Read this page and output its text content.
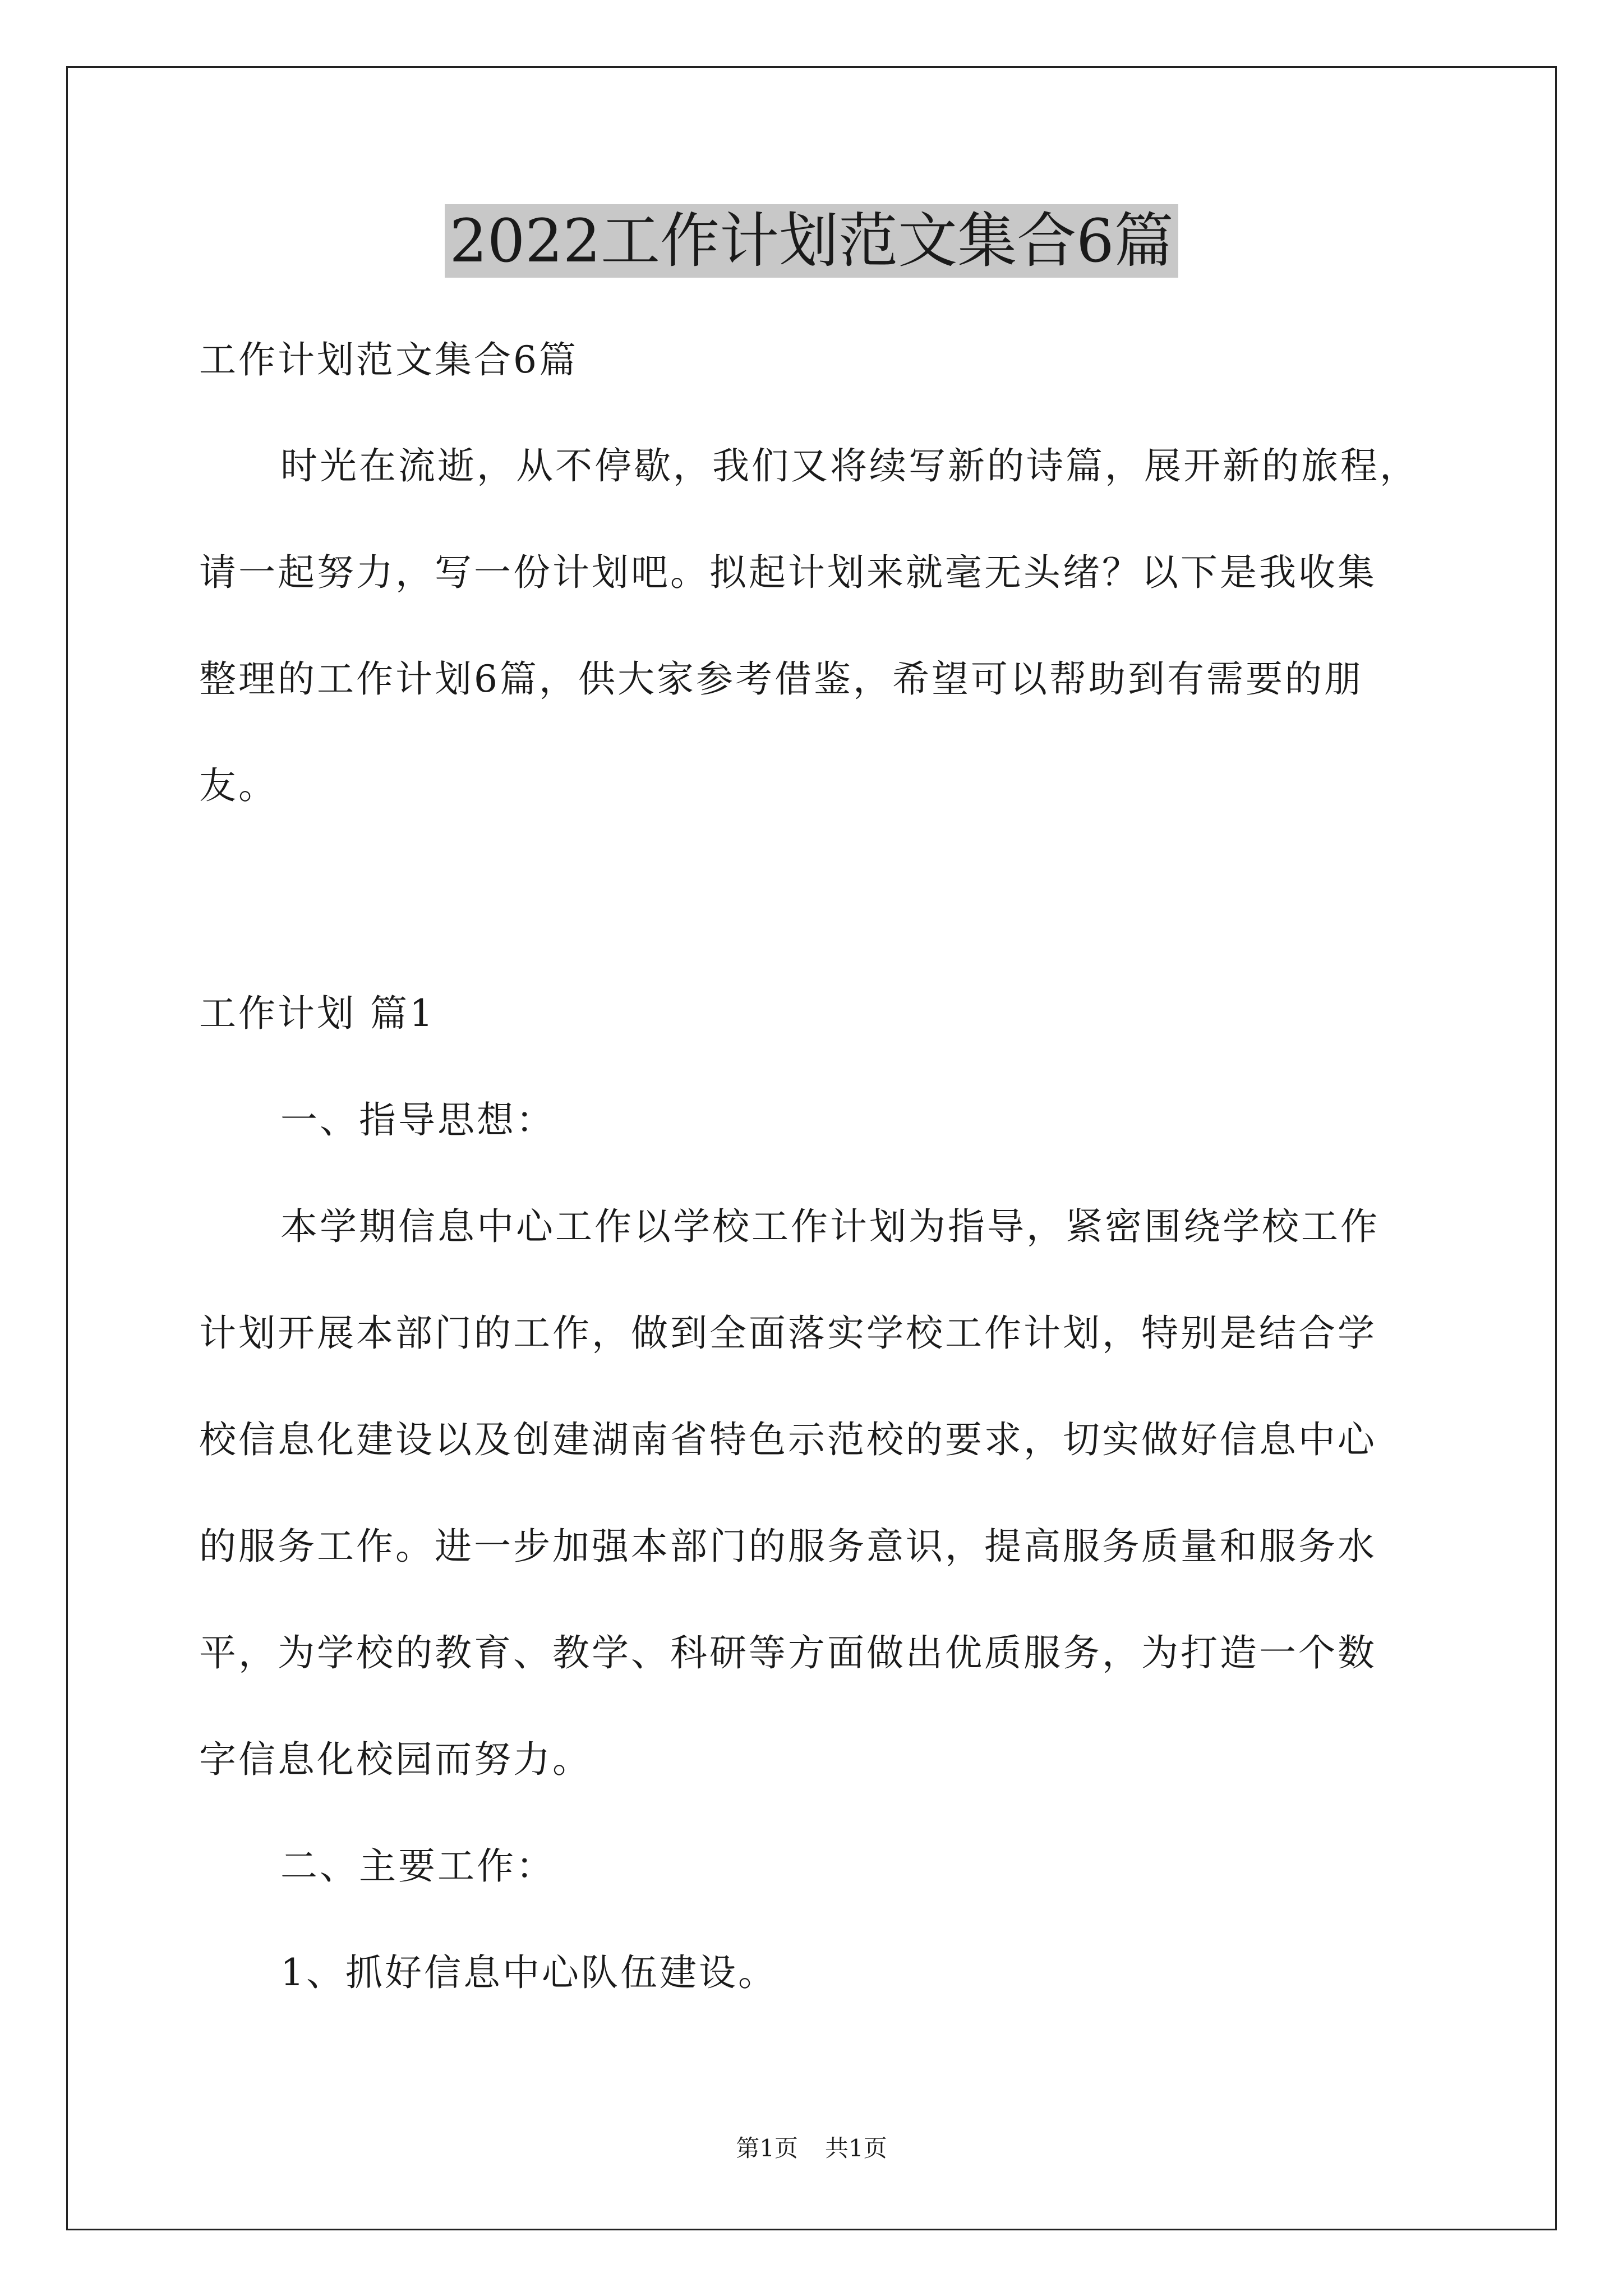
2022工作计划范文集合6篇

工作计划范文集合6篇

时光在流逝，从不停歇，我们又将续写新的诗篇，展开新的旅程，

请一起努力，写一份计划吧。拟起计划来就毫无头绪？以下是我收集

整理的工作计划6篇，供大家参考借鉴，希望可以帮助到有需要的朋

友。

工作计划 篇1

一、指导思想：

本学期信息中心工作以学校工作计划为指导，紧密围绕学校工作

计划开展本部门的工作，做到全面落实学校工作计划，特别是结合学

校信息化建设以及创建湖南省特色示范校的要求，切实做好信息中心

的服务工作。进一步加强本部门的服务意识，提高服务质量和服务水

平，为学校的教育、教学、科研等方面做出优质服务，为打造一个数

字信息化校园而努力。

二、主要工作：

1、抓好信息中心队伍建设。

第1页 共1页
